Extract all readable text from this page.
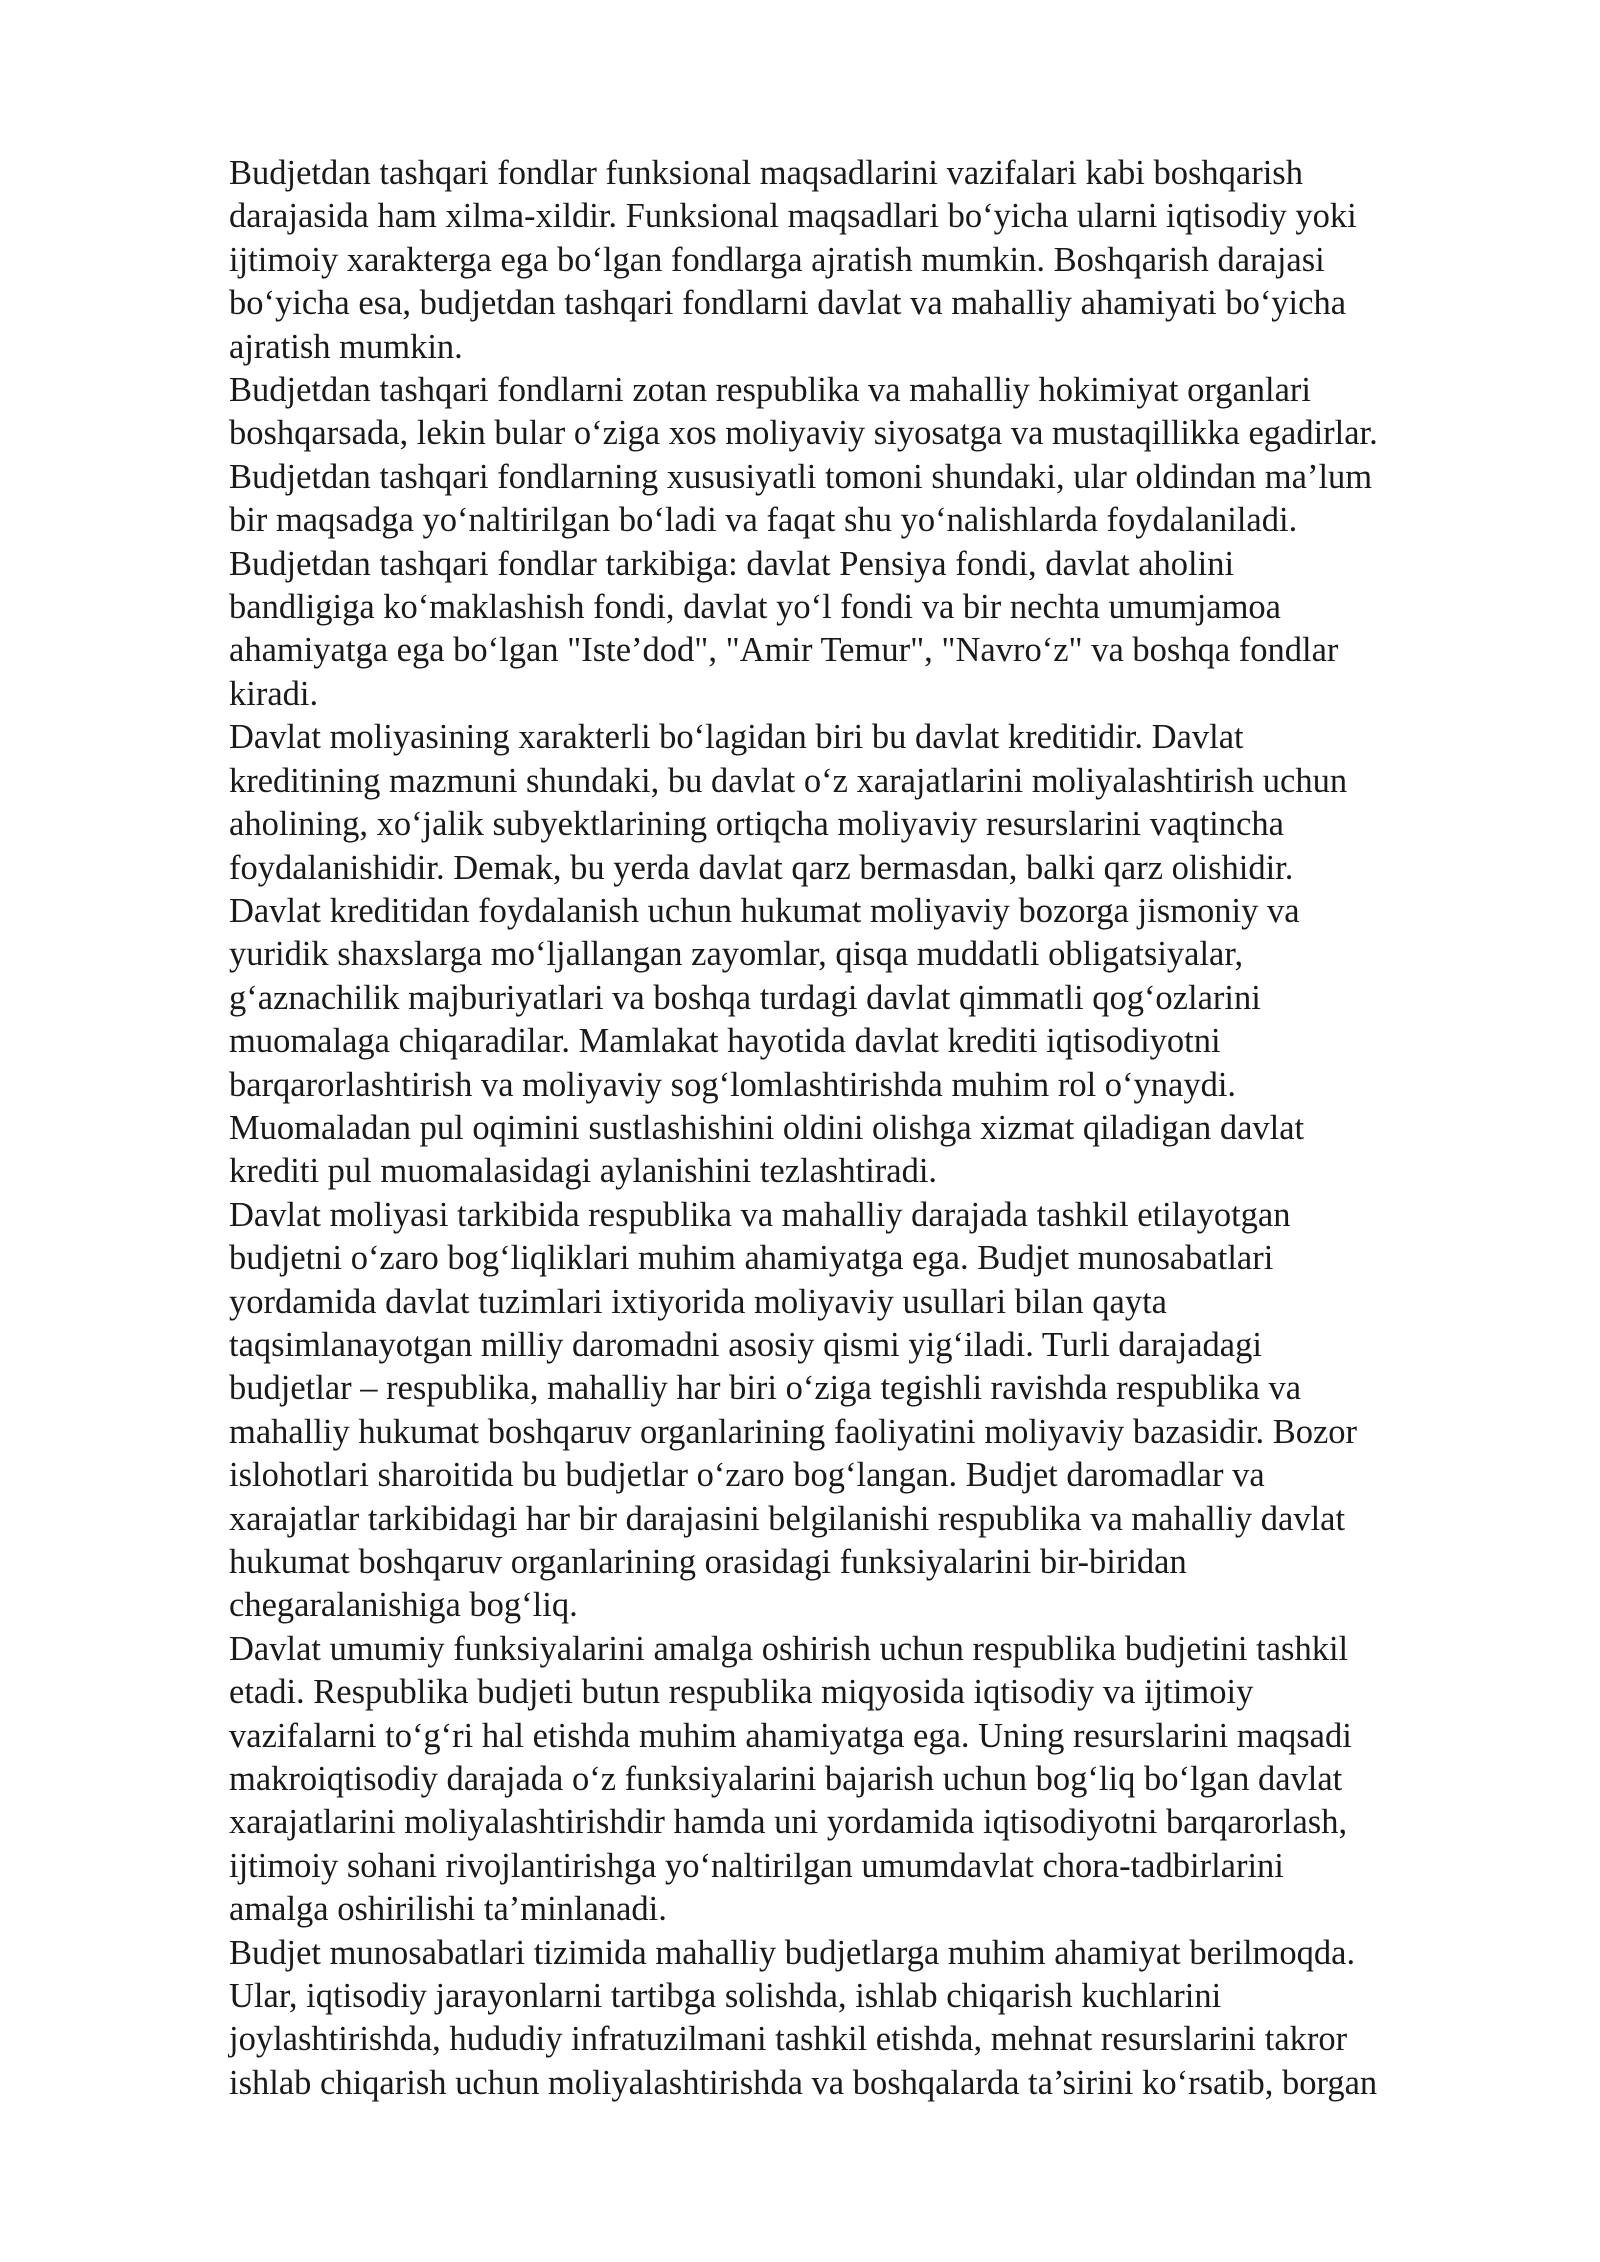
Budjetdan tashqari fondlar funksional maqsadlarini vazifalari kabi boshqarish

darajasida ham xilma-xildir. Funksional maqsadlari bo‘yicha ularni iqtisodiy yoki

ijtimoiy xarakterga ega bo‘lgan fondlarga ajratish mumkin. Boshqarish darajasi

bo‘yicha esa, budjetdan tashqari fondlarni davlat va mahalliy ahamiyati bo‘yicha

ajratish mumkin.

Budjetdan tashqari fondlarni zotan respublika va mahalliy hokimiyat organlari

boshqarsada, lekin bular o‘ziga xos moliyaviy siyosatga va mustaqillikka egadirlar.

Budjetdan tashqari fondlarning xususiyatli tomoni shundaki, ular oldindan ma’lum

bir maqsadga yo‘naltirilgan bo‘ladi va faqat shu yo‘nalishlarda foydalaniladi.

Budjetdan tashqari fondlar tarkibiga: davlat Pensiya fondi, davlat aholini

bandligiga ko‘maklashish fondi, davlat yo‘l fondi va bir nechta umumjamoa

ahamiyatga ega bo‘lgan "Iste’dod", "Amir Temur", "Navro‘z" va boshqa fondlar

kiradi.

Davlat moliyasining xarakterli bo‘lagidan biri bu davlat kreditidir. Davlat

kreditining mazmuni shundaki, bu davlat o‘z xarajatlarini moliyalashtirish uchun

aholining, xo‘jalik subyektlarining ortiqcha moliyaviy resurslarini vaqtincha

foydalanishidir. Demak, bu yerda davlat qarz bermasdan, balki qarz olishidir.

Davlat kreditidan foydalanish uchun hukumat moliyaviy bozorga jismoniy va

yuridik shaxslarga mo‘ljallangan zayomlar, qisqa muddatli obligatsiyalar,

g‘aznachilik majburiyatlari va boshqa turdagi davlat qimmatli qog‘ozlarini

muomalaga chiqaradilar. Mamlakat hayotida davlat krediti iqtisodiyotni

barqarorlashtirish va moliyaviy sog‘lomlashtirishda muhim rol o‘ynaydi.

Muomaladan pul oqimini sustlashishini oldini olishga xizmat qiladigan davlat

krediti pul muomalasidagi aylanishini tezlashtiradi.

Davlat moliyasi tarkibida respublika va mahalliy darajada tashkil etilayotgan

budjetni o‘zaro bog‘liqliklari muhim ahamiyatga ega. Budjet munosabatlari

yordamida davlat tuzimlari ixtiyorida moliyaviy usullari bilan qayta

taqsimlanayotgan milliy daromadni asosiy qismi yig‘iladi. Turli darajadagi

budjetlar – respublika, mahalliy har biri o‘ziga tegishli ravishda respublika va

mahalliy hukumat boshqaruv organlarining faoliyatini moliyaviy bazasidir. Bozor

islohotlari sharoitida bu budjetlar o‘zaro bog‘langan. Budjet daromadlar va

xarajatlar tarkibidagi har bir darajasini belgilanishi respublika va mahalliy davlat

hukumat boshqaruv organlarining orasidagi funksiyalarini bir-biridan

chegaralanishiga bog‘liq.

Davlat umumiy funksiyalarini amalga oshirish uchun respublika budjetini tashkil

etadi. Respublika budjeti butun respublika miqyosida iqtisodiy va ijtimoiy

vazifalarni to‘g‘ri hal etishda muhim ahamiyatga ega. Uning resurslarini maqsadi

makroiqtisodiy darajada o‘z funksiyalarini bajarish uchun bog‘liq bo‘lgan davlat

xarajatlarini moliyalashtirishdir hamda uni yordamida iqtisodiyotni barqarorlash,

ijtimoiy sohani rivojlantirishga yo‘naltirilgan umumdavlat chora-tadbirlarini

amalga oshirilishi ta’minlanadi.

Budjet munosabatlari tizimida mahalliy budjetlarga muhim ahamiyat berilmoqda.

Ular, iqtisodiy jarayonlarni tartibga solishda, ishlab chiqarish kuchlarini

joylashtirishda, hududiy infratuzilmani tashkil etishda, mehnat resurslarini takror

ishlab chiqarish uchun moliyalashtirishda va boshqalarda ta’sirini ko‘rsatib, borgan
